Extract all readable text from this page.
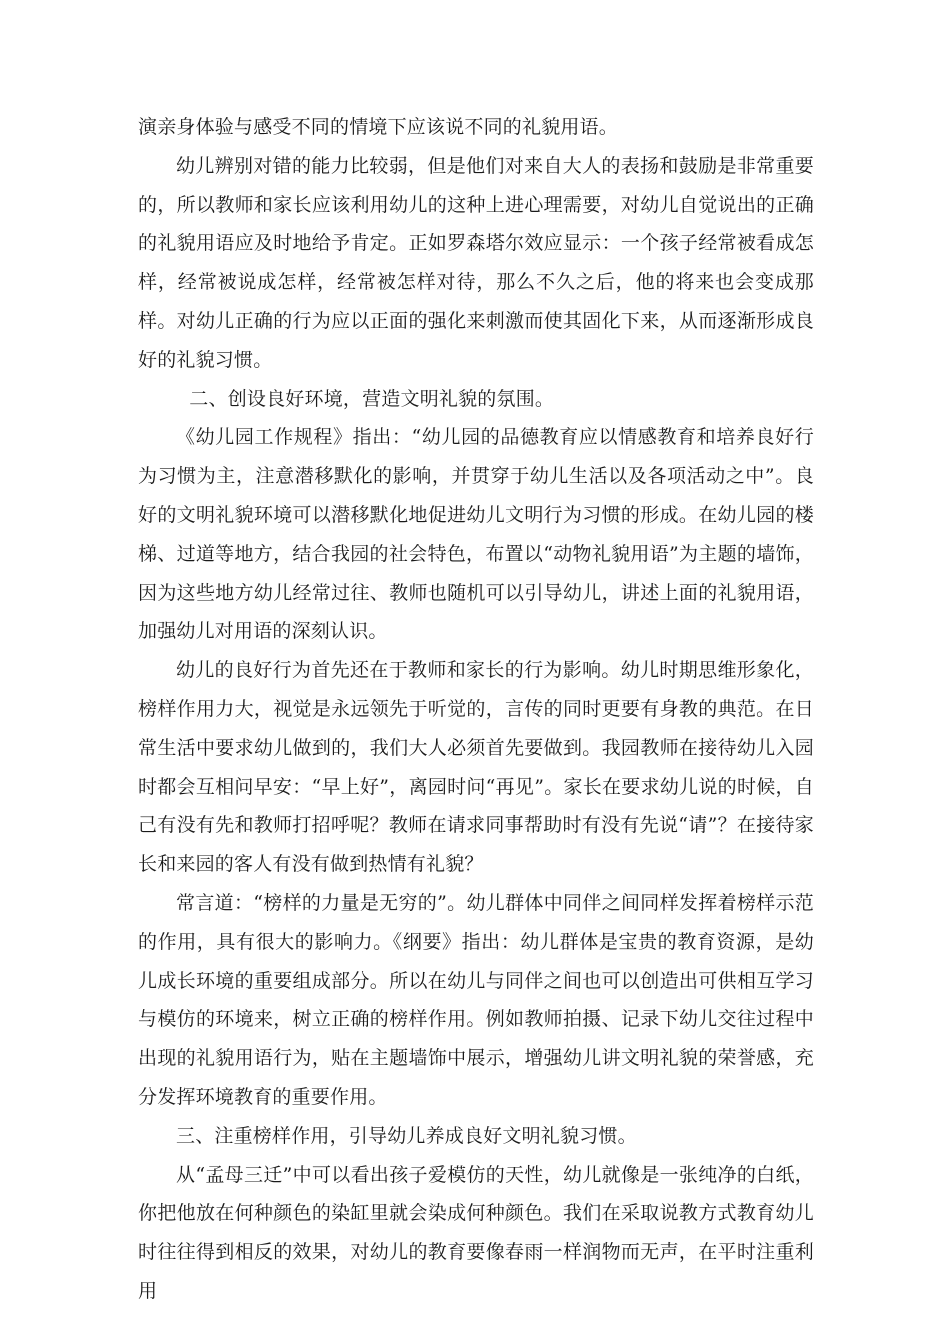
演亲身体验与感受不同的情境下应该说不同的礼貌用语。

幼儿辨别对错的能力比较弱，但是他们对来自大人的表扬和鼓励是非常重要的，所以教师和家长应该利用幼儿的这种上进心理需要，对幼儿自觉说出的正确的礼貌用语应及时地给予肯定。正如罗森塔尔效应显示：一个孩子经常被看成怎样，经常被说成怎样，经常被怎样对待，那么不久之后，他的将来也会变成那样。对幼儿正确的行为应以正面的强化来刺激而使其固化下来，从而逐渐形成良好的礼貌习惯。

二、创设良好环境，营造文明礼貌的氛围。

《幼儿园工作规程》指出：“幼儿园的品德教育应以情感教育和培养良好行为习惯为主，注意潜移默化的影响，并贯穿于幼儿生活以及各项活动之中”。良好的文明礼貌环境可以潜移默化地促进幼儿文明行为习惯的形成。在幼儿园的楼梯、过道等地方，结合我园的社会特色，布置以“动物礼貌用语”为主题的墙饰，因为这些地方幼儿经常过往、教师也随机可以引导幼儿，讲述上面的礼貌用语，加强幼儿对用语的深刻认识。

幼儿的良好行为首先还在于教师和家长的行为影响。幼儿时期思维形象化，榜样作用力大，视觉是永远领先于听觉的，言传的同时更要有身教的典范。在日常生活中要求幼儿做到的，我们大人必须首先要做到。我园教师在接待幼儿入园时都会互相问早安：“早上好”，离园时问“再见”。家长在要求幼儿说的时候，自己有没有先和教师打招呼呢？教师在请求同事帮助时有没有先说“请”？在接待家长和来园的客人有没有做到热情有礼貌？

常言道：“榜样的力量是无穷的”。幼儿群体中同伴之间同样发挥着榜样示范的作用，具有很大的影响力。《纲要》指出：幼儿群体是宝贵的教育资源，是幼儿成长环境的重要组成部分。所以在幼儿与同伴之间也可以创造出可供相互学习与模仿的环境来，树立正确的榜样作用。例如教师拍摄、记录下幼儿交往过程中出现的礼貌用语行为，贴在主题墙饰中展示，增强幼儿讲文明礼貌的荣誉感，充分发挥环境教育的重要作用。

三、注重榜样作用，引导幼儿养成良好文明礼貌习惯。

从“孟母三迁”中可以看出孩子爱模仿的天性，幼儿就像是一张纯净的白纸，你把他放在何种颜色的染缸里就会染成何种颜色。我们在采取说教方式教育幼儿时往往得到相反的效果，对幼儿的教育要像春雨一样润物而无声，在平时注重利用
